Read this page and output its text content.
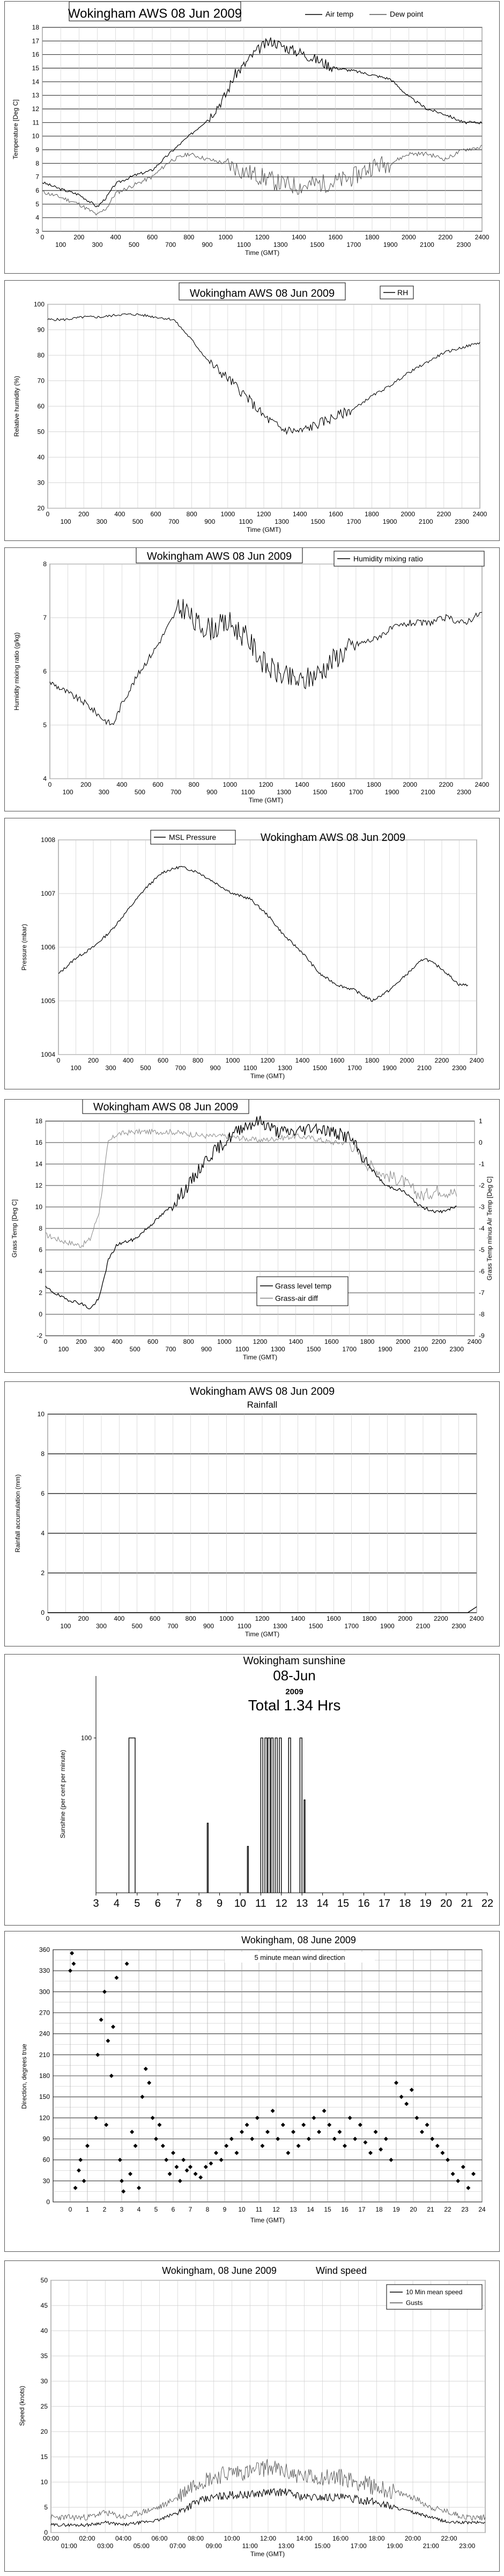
3
4
5
6
7
8
9
10
11
12
13
14
15
16
17
18
0	200	400	600	800	1000	1200	1400	1600	1800	2000	2200	2400
100	300	500	700	900	1100	1300	1500	1700	1900	2100	2300
Wokingham AWS 08 Jun 2009	Air temp	Dew point
Temperature [Deg C]
Time (GMT)
20
30
40
50
60
70
80
90
100
0	200	400	600	800	1000	1200	1400	1600	1800	2000	2200	2400
100	300	500	700	900	1100	1300	1500	1700	1900	2100	2300
Wokingham AWS 08 Jun 2009	RH
Relative humidity (%)
Time (GMT)
4
5
6
7
8
0	200	400	600	800	1000	1200	1400	1600	1800	2000	2200	2400
100	300	500	700	900	1100	1300	1500	1700	1900	2100	2300
Wokingham AWS 08 Jun 2009	Humidity mixing ratio
Humidity mixing ratio (g/kg)
Time (GMT)
1004
1005
1006
1007
1008
0	200	400	600	800	1000	1200	1400	1600	1800	2000	2200	2400
100	300	500	700	900	1100	1300	1500	1700	1900	2100	2300
MSL Pressure	Wokingham AWS 08 Jun 2009
Pressure (mbar)
Time (GMT)
-2
0
2
4
6
8
10
12
14
16
18
0	200	400	600	800	1000	1200	1400	1600	1800	2000	2200	2400
100	300	500	700	900	1100	1300	1500	1700	1900	2100	2300
-9
-8
-7
-6
-5
-4
-3
-2
-1
0
1
Wokingham AWS 08 Jun 2009
Grass level temp
Grass-air diff
Grass Temp [Deg C]	Grass Temp minus Air Temp [Deg C]
Time (GMT)
0
2
4
6
8
10
0	200	400	600	800	1000	1200	1400	1600	1800	2000	2200	2400
100	300	500	700	900	1100	1300	1500	1700	1900	2100	2300
Wokingham AWS 08 Jun 2009
Rainfall
Rainfall accumulation (mm)
Time (GMT)
100
3 4 5 6 7 8 9 10 11 12 13 14 15 16 17 18 19 20 21 22
Wokingham sunshine
08-Jun
2009
Total 1.34 Hrs
Sunshine (per cent per minute)
0 1 2 3 4 5 6 7 8 9 10 11 12 13 14 15 16 17 18 19 20 21 22 23 24
0
30
60
90
120
150
180
210
240
270
300
330
360
Wokingham, 08 June 2009
5 minute mean wind direction
Direction, degrees true
Time (GMT)
0
5
10
15
20
25
30
35
40
45
50
00:00	02:00	04:00	06:00	08:00	10:00	12:00	14:00	16:00	18:00	20:00	22:00
01:00	03:00	05:00	07:00	09:00	11:00	13:00	15:00	17:00	19:00	21:00	23:00
Wokingham, 08 June 2009	Wind speed
10 Min mean speed
Gusts
Speed (knots)
Time (GMT)
